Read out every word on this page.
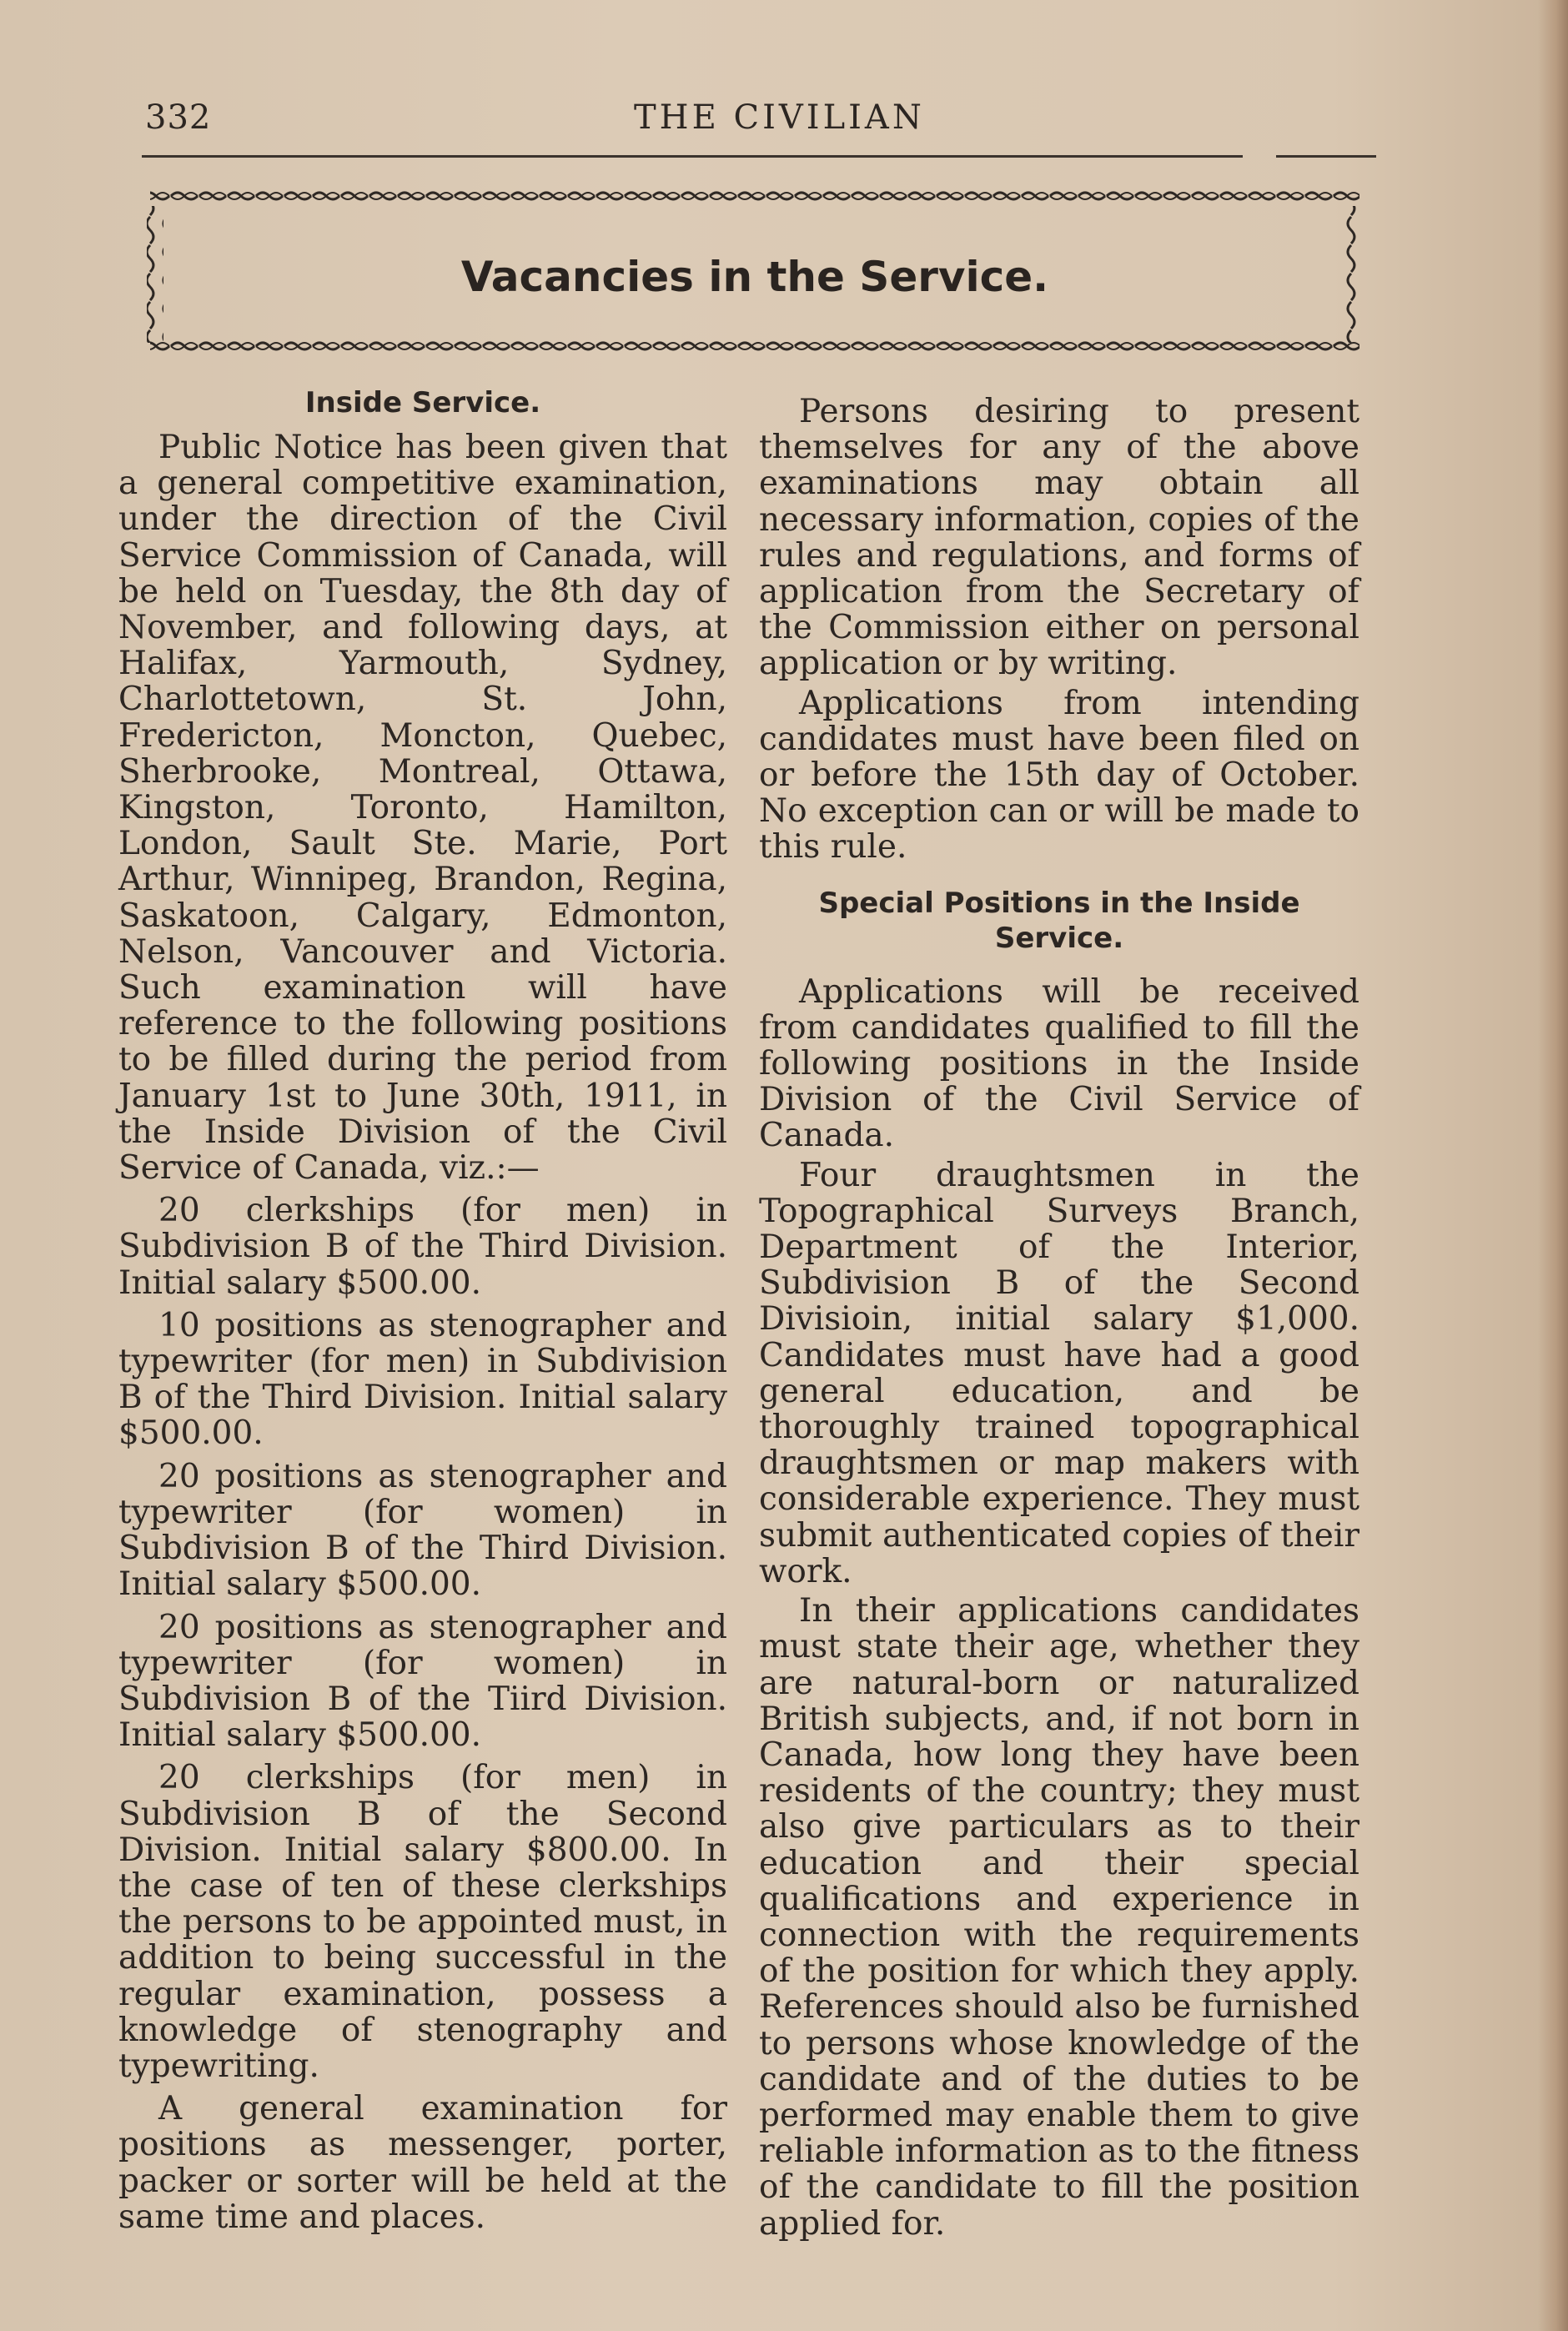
332	THE CIVILIAN
Vacancies in the Service.
Inside Service.

Public Notice has been given that a general competitive examination, under the direction of the Civil Service Commission of Canada, will be held on Tuesday, the 8th day of November, and following days, at Halifax, Yarmouth, Sydney, Charlottetown, St. John, Fredericton, Moncton, Quebec, Sherbrooke, Montreal, Ottawa, Kingston, Toronto, Hamilton, London, Sault Ste. Marie, Port Arthur, Winnipeg, Brandon, Regina, Saskatoon, Calgary, Edmonton, Nelson, Vancouver and Victoria. Such examination will have reference to the following positions to be filled during the period from January 1st to June 30th, 1911, in the Inside Division of the Civil Service of Canada, viz.:—

20 clerkships (for men) in Subdivision B of the Third Division. Initial salary $500.00.

10 positions as stenographer and typewriter (for men) in Subdivision B of the Third Division. Initial salary $500.00.

20 positions as stenographer and typewriter (for women) in Subdivision B of the Third Division. Initial salary $500.00.

20 positions as stenographer and typewriter (for women) in Subdivision B of the Tiird Division. Initial salary $500.00.

20 clerkships (for men) in Subdivision B of the Second Division. Initial salary $800.00. In the case of ten of these clerkships the persons to be appointed must, in addition to being successful in the regular examination, possess a knowledge of stenography and typewriting.

A general examination for positions as messenger, porter, packer or sorter will be held at the same time and places.

Persons desiring to present themselves for any of the above examinations may obtain all necessary information, copies of the rules and regulations, and forms of application from the Secretary of the Commission either on personal application or by writing.

Applications from intending candidates must have been filed on or before the 15th day of October. No exception can or will be made to this rule.

Special Positions in the Inside Service.

Applications will be received from candidates qualified to fill the following positions in the Inside Division of the Civil Service of Canada.

Four draughtsmen in the Topographical Surveys Branch, Department of the Interior, Subdivision B of the Second Divisioin, initial salary $1,000. Candidates must have had a good general education, and be thoroughly trained topographical draughtsmen or map makers with considerable experience. They must submit authenticated copies of their work.

In their applications candidates must state their age, whether they are natural-born or naturalized British subjects, and, if not born in Canada, how long they have been residents of the country; they must also give particulars as to their education and their special qualifications and experience in connection with the requirements of the position for which they apply. References should also be furnished to persons whose knowledge of the candidate and of the duties to be performed may enable them to give reliable information as to the fitness of the candidate to fill the position applied for.
